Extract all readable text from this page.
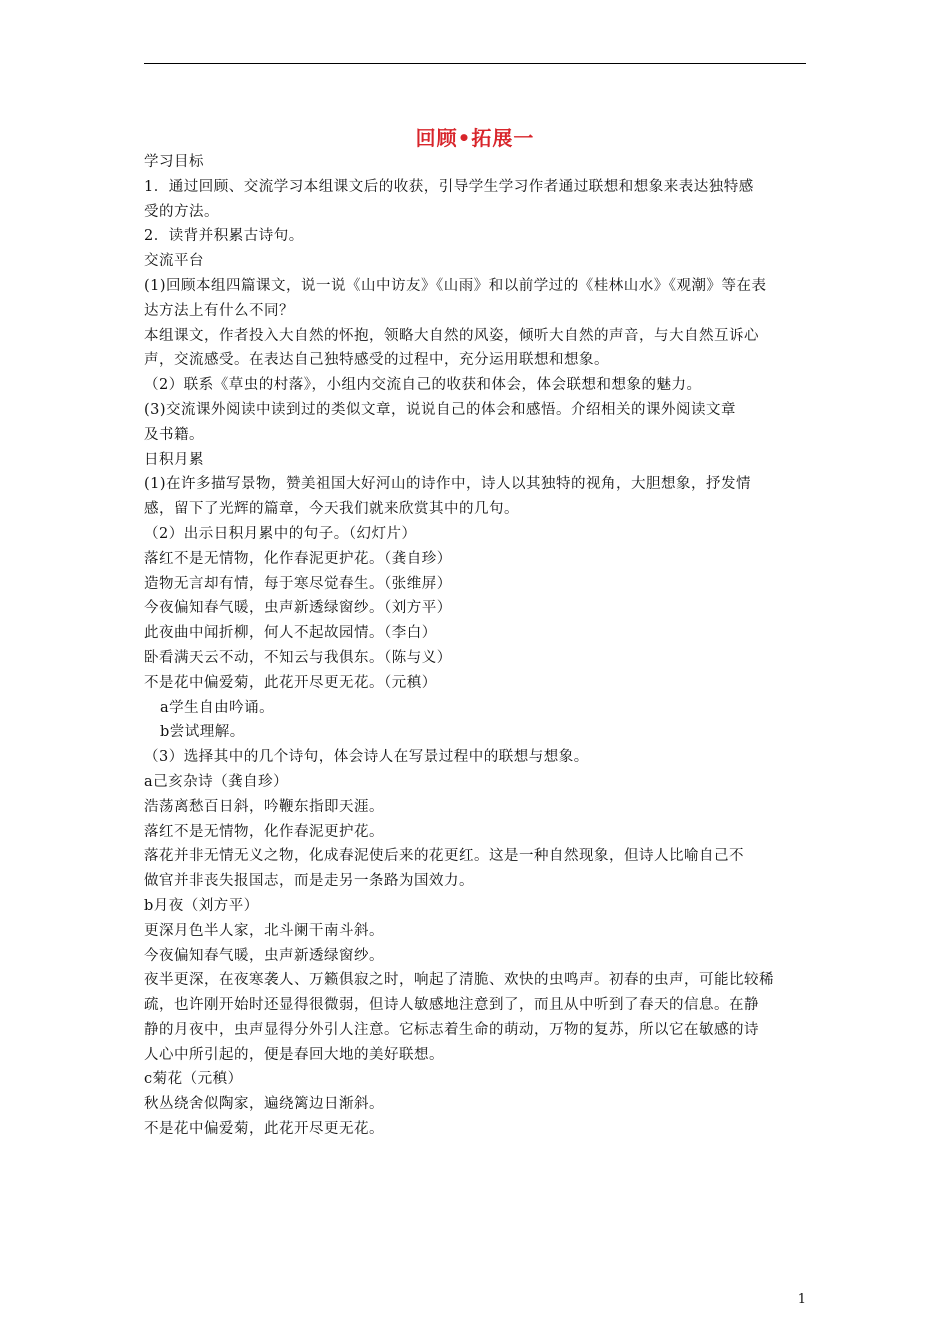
回顾•拓展一
学习目标
1．通过回顾、交流学习本组课文后的收获，引导学生学习作者通过联想和想象来表达独特感
受的方法。
2．读背并积累古诗句。
交流平台
(1)回顾本组四篇课文，说一说《山中访友》《山雨》和以前学过的《桂林山水》《观潮》等在表
达方法上有什么不同？
本组课文，作者投入大自然的怀抱，领略大自然的风姿，倾听大自然的声音，与大自然互诉心
声，交流感受。在表达自己独特感受的过程中，充分运用联想和想象。
（2）联系《草虫的村落》，小组内交流自己的收获和体会，体会联想和想象的魅力。
(3)交流课外阅读中读到过的类似文章，说说自己的体会和感悟。介绍相关的课外阅读文章
及书籍。
日积月累
(1)在许多描写景物，赞美祖国大好河山的诗作中，诗人以其独特的视角，大胆想象，抒发情
感，留下了光辉的篇章，今天我们就来欣赏其中的几句。
（2）出示日积月累中的句子。（幻灯片）
落红不是无情物，化作春泥更护花。（龚自珍）
造物无言却有情，每于寒尽觉春生。（张维屏）
今夜偏知春气暖，虫声新透绿窗纱。（刘方平）
此夜曲中闻折柳，何人不起故园情。（李白）
卧看满天云不动，不知云与我俱东。（陈与义）
不是花中偏爱菊，此花开尽更无花。（元稹）
a学生自由吟诵。
b尝试理解。
（3）选择其中的几个诗句，体会诗人在写景过程中的联想与想象。
a己亥杂诗（龚自珍）
浩荡离愁百日斜，吟鞭东指即天涯。
落红不是无情物，化作春泥更护花。
落花并非无情无义之物，化成春泥使后来的花更红。这是一种自然现象，但诗人比喻自己不
做官并非丧失报国志，而是走另一条路为国效力。
b月夜（刘方平）
更深月色半人家，北斗阑干南斗斜。
今夜偏知春气暖，虫声新透绿窗纱。
夜半更深，在夜寒袭人、万籁俱寂之时，响起了清脆、欢快的虫鸣声。初春的虫声，可能比较稀
疏，也许刚开始时还显得很微弱，但诗人敏感地注意到了，而且从中听到了春天的信息。在静
静的月夜中，虫声显得分外引人注意。它标志着生命的萌动，万物的复苏，所以它在敏感的诗
人心中所引起的，便是春回大地的美好联想。
c菊花（元稹）
秋丛绕舍似陶家，遍绕篱边日渐斜。
不是花中偏爱菊，此花开尽更无花。
1
